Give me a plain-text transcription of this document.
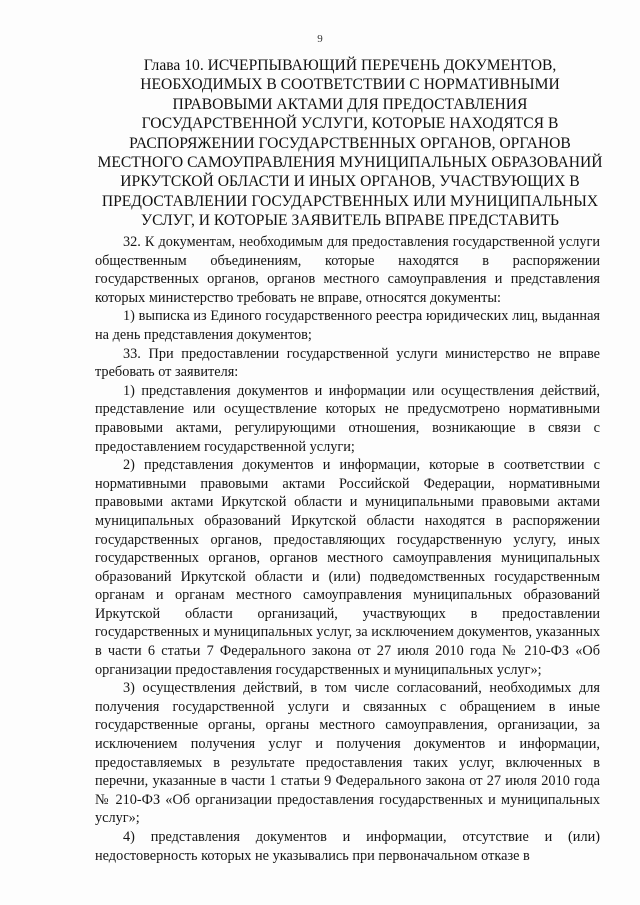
9
Глава 10. ИСЧЕРПЫВАЮЩИЙ ПЕРЕЧЕНЬ ДОКУМЕНТОВ, НЕОБХОДИМЫХ В СООТВЕТСТВИИ С НОРМАТИВНЫМИ ПРАВОВЫМИ АКТАМИ ДЛЯ ПРЕДОСТАВЛЕНИЯ ГОСУДАРСТВЕННОЙ УСЛУГИ, КОТОРЫЕ НАХОДЯТСЯ В РАСПОРЯЖЕНИИ ГОСУДАРСТВЕННЫХ ОРГАНОВ, ОРГАНОВ МЕСТНОГО САМОУПРАВЛЕНИЯ МУНИЦИПАЛЬНЫХ ОБРАЗОВАНИЙ ИРКУТСКОЙ ОБЛАСТИ И ИНЫХ ОРГАНОВ, УЧАСТВУЮЩИХ В ПРЕДОСТАВЛЕНИИ ГОСУДАРСТВЕННЫХ ИЛИ МУНИЦИПАЛЬНЫХ УСЛУГ, И КОТОРЫЕ ЗАЯВИТЕЛЬ ВПРАВЕ ПРЕДСТАВИТЬ

32. К документам, необходимым для предоставления государственной услуги общественным объединениям, которые находятся в распоряжении государственных органов, органов местного самоуправления и представления которых министерство требовать не вправе, относятся документы:

1) выписка из Единого государственного реестра юридических лиц, выданная на день представления документов;

33. При предоставлении государственной услуги министерство не вправе требовать от заявителя:

1) представления документов и информации или осуществления действий, представление или осуществление которых не предусмотрено нормативными правовыми актами, регулирующими отношения, возникающие в связи с предоставлением государственной услуги;

2) представления документов и информации, которые в соответствии с нормативными правовыми актами Российской Федерации, нормативными правовыми актами Иркутской области и муниципальными правовыми актами муниципальных образований Иркутской области находятся в распоряжении государственных органов, предоставляющих государственную услугу, иных государственных органов, органов местного самоуправления муниципальных образований Иркутской области и (или) подведомственных государственным органам и органам местного самоуправления муниципальных образований Иркутской области организаций, участвующих в предоставлении государственных и муниципальных услуг, за исключением документов, указанных в части 6 статьи 7 Федерального закона от 27 июля 2010 года № 210-ФЗ «Об организации предоставления государственных и муниципальных услуг»;

3) осуществления действий, в том числе согласований, необходимых для получения государственной услуги и связанных с обращением в иные государственные органы, органы местного самоуправления, организации, за исключением получения услуг и получения документов и информации, предоставляемых в результате предоставления таких услуг, включенных в перечни, указанные в части 1 статьи 9 Федерального закона от 27 июля 2010 года № 210-ФЗ «Об организации предоставления государственных и муниципальных услуг»;

4) представления документов и информации, отсутствие и (или) недостоверность которых не указывались при первоначальном отказе в
